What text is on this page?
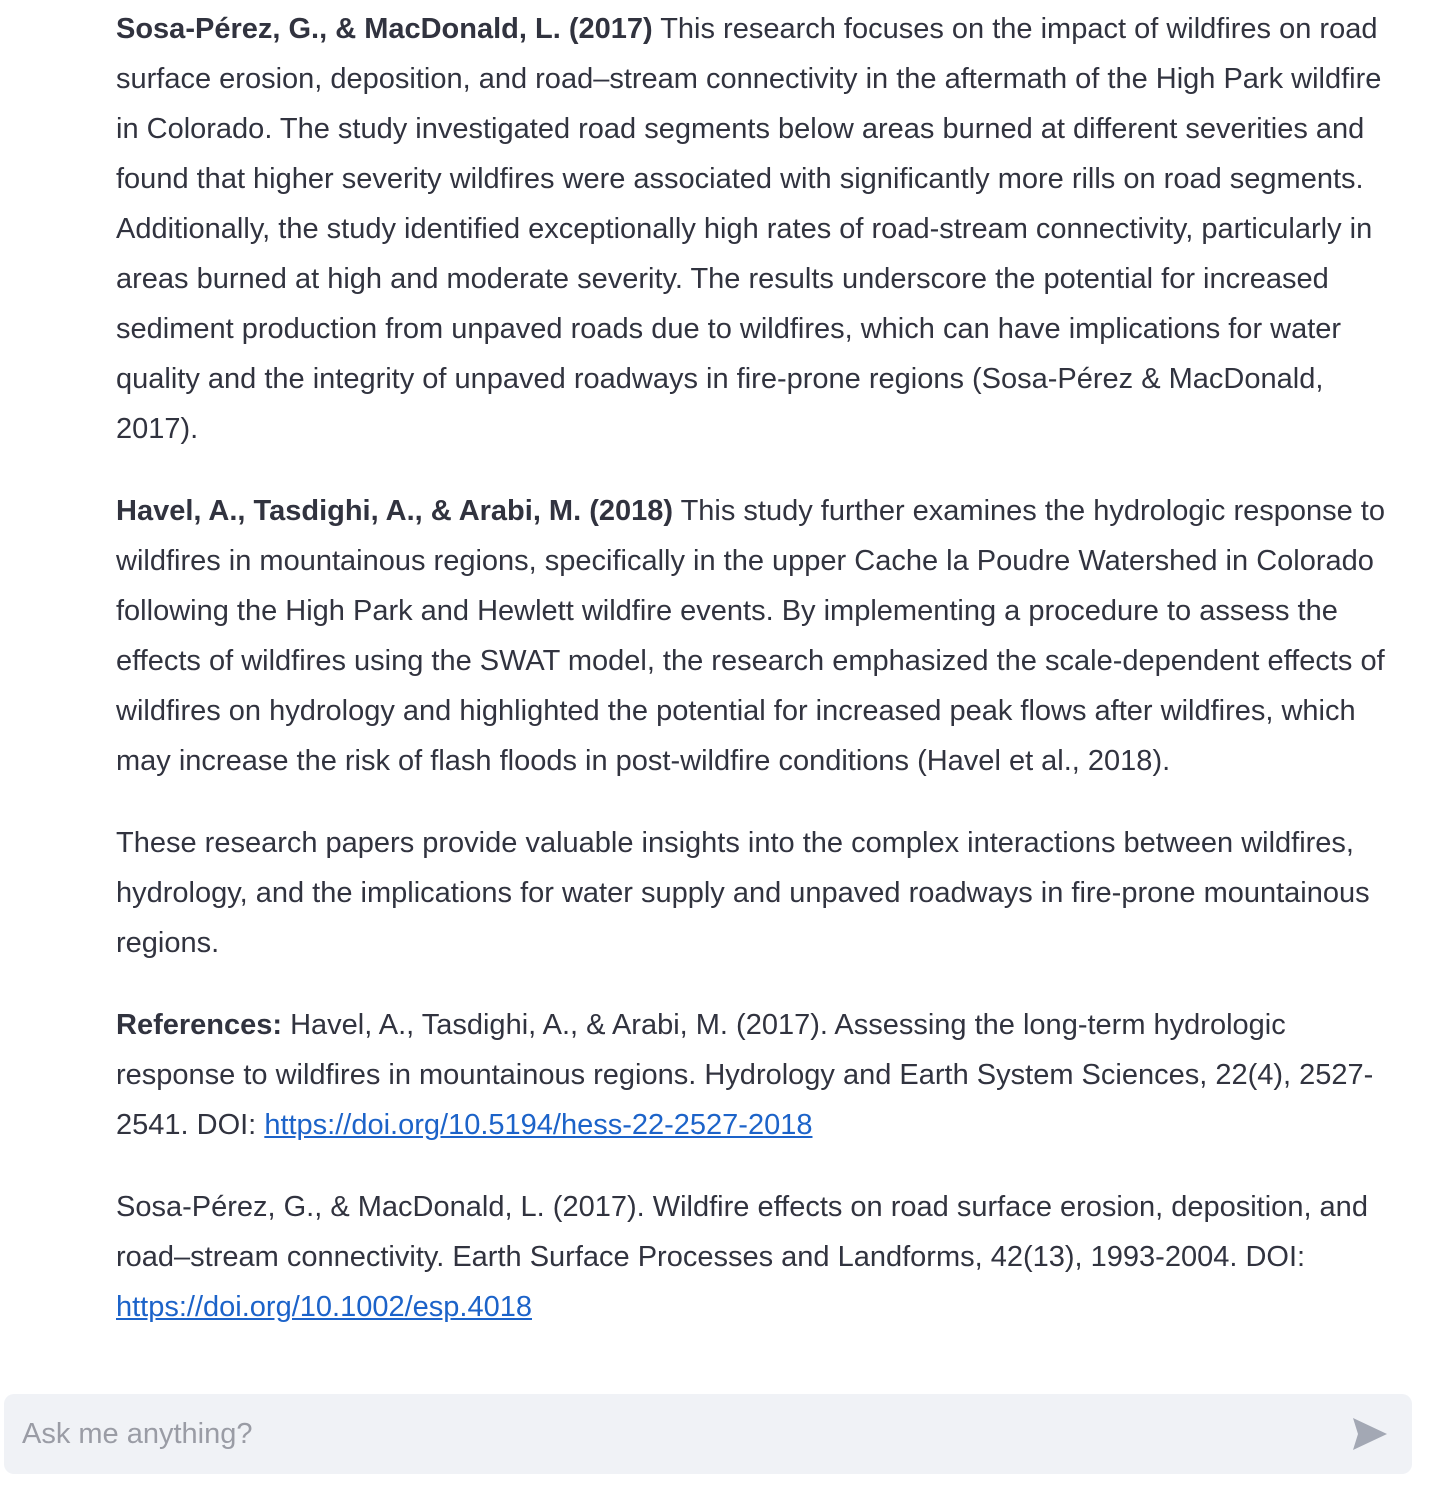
Sosa-Pérez, G., & MacDonald, L. (2017) This research focuses on the impact of wildfires on road surface erosion, deposition, and road–stream connectivity in the aftermath of the High Park wildfire in Colorado. The study investigated road segments below areas burned at different severities and found that higher severity wildfires were associated with significantly more rills on road segments. Additionally, the study identified exceptionally high rates of road-stream connectivity, particularly in areas burned at high and moderate severity. The results underscore the potential for increased sediment production from unpaved roads due to wildfires, which can have implications for water quality and the integrity of unpaved roadways in fire-prone regions (Sosa-Pérez & MacDonald, 2017).

Havel, A., Tasdighi, A., & Arabi, M. (2018) This study further examines the hydrologic response to wildfires in mountainous regions, specifically in the upper Cache la Poudre Watershed in Colorado following the High Park and Hewlett wildfire events. By implementing a procedure to assess the effects of wildfires using the SWAT model, the research emphasized the scale-dependent effects of wildfires on hydrology and highlighted the potential for increased peak flows after wildfires, which may increase the risk of flash floods in post-wildfire conditions (Havel et al., 2018).

These research papers provide valuable insights into the complex interactions between wildfires, hydrology, and the implications for water supply and unpaved roadways in fire-prone mountainous regions.

References: Havel, A., Tasdighi, A., & Arabi, M. (2017). Assessing the long-term hydrologic response to wildfires in mountainous regions. Hydrology and Earth System Sciences, 22(4), 2527-2541. DOI: https://doi.org/10.5194/hess-22-2527-2018

Sosa-Pérez, G., & MacDonald, L. (2017). Wildfire effects on road surface erosion, deposition, and road–stream connectivity. Earth Surface Processes and Landforms, 42(13), 1993-2004. DOI: https://doi.org/10.1002/esp.4018

Ask me anything?
